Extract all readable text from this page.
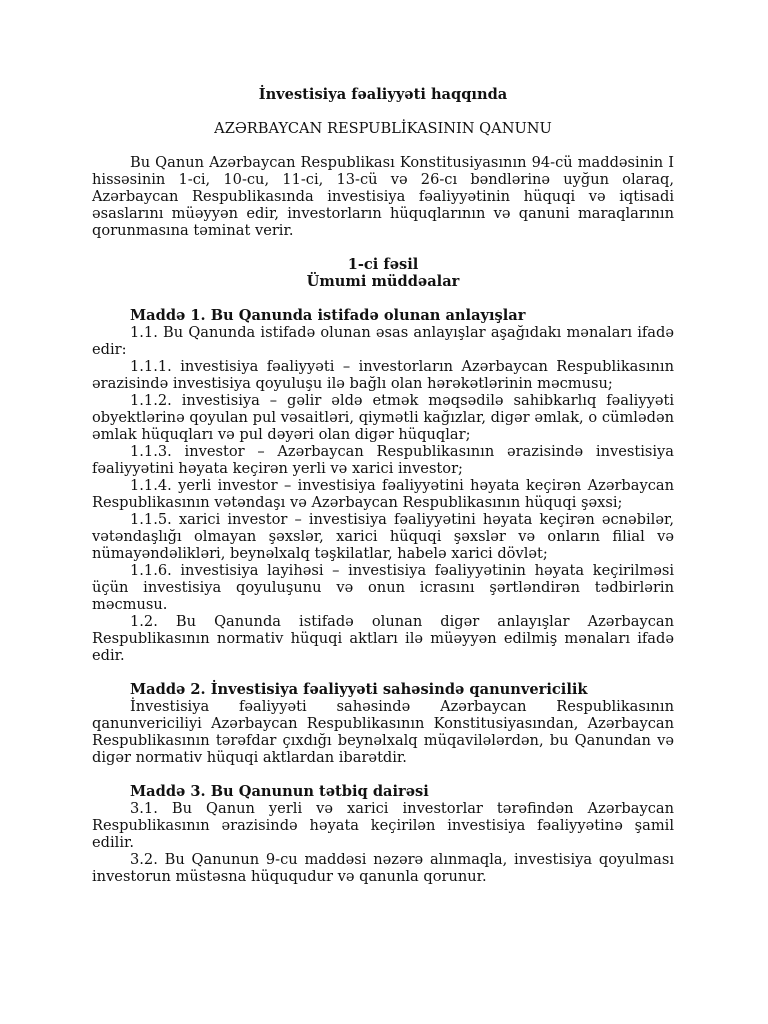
İnvestisiya fəaliyyəti haqqında
AZƏRBAYCAN RESPUBLİKASININ QANUNU

Bu Qanun Azərbaycan Respublikası Konstitusiyasının 94-cü maddəsinin I hissəsinin 1-ci, 10-cu, 11-ci, 13-cü və 26-cı bəndlərinə uyğun olaraq, Azərbaycan Respublikasında investisiya fəaliyyətinin hüquqi və iqtisadi əsaslarını müəyyən edir, investorların hüquqlarının və qanuni maraqlarının qorunmasına təminat verir.

1-ci fəsil

Ümumi müddəalar

Maddə 1. Bu Qanunda istifadə olunan anlayışlar

1.1. Bu Qanunda istifadə olunan əsas anlayışlar aşağıdakı mənaları ifadə edir:

1.1.1. investisiya fəaliyyəti – investorların Azərbaycan Respublikasının ərazisində investisiya qoyuluşu ilə bağlı olan hərəkətlərinin məcmusu;

1.1.2. investisiya – gəlir əldə etmək məqsədilə sahibkarlıq fəaliyyəti obyektlərinə qoyulan pul vəsaitləri, qiymətli kağızlar, digər əmlak, o cümlədən əmlak hüquqları və pul dəyəri olan digər hüquqlar;

1.1.3. investor – Azərbaycan Respublikasının ərazisində investisiya fəaliyyətini həyata keçirən yerli və xarici investor;

1.1.4. yerli investor – investisiya fəaliyyətini həyata keçirən Azərbaycan Respublikasının vətəndaşı və Azərbaycan Respublikasının hüquqi şəxsi;

1.1.5. xarici investor – investisiya fəaliyyətini həyata keçirən əcnəbilər, vətəndaşlığı olmayan şəxslər, xarici hüquqi şəxslər və onların filial və nümayəndəlikləri, beynəlxalq təşkilatlar, habelə xarici dövlət;

1.1.6. investisiya layihəsi – investisiya fəaliyyətinin həyata keçirilməsi üçün investisiya qoyuluşunu və onun icrasını şərtləndirən tədbirlərin məcmusu.

1.2. Bu Qanunda istifadə olunan digər anlayışlar Azərbaycan Respublikasının normativ hüquqi aktları ilə müəyyən edilmiş mənaları ifadə edir.

Maddə 2. İnvestisiya fəaliyyəti sahəsində qanunvericilik

İnvestisiya fəaliyyəti sahəsində Azərbaycan Respublikasının qanunvericiliyi Azərbaycan Respublikasının Konstitusiyasından, Azərbaycan Respublikasının tərəfdar çıxdığı beynəlxalq müqavilələrdən, bu Qanundan və digər normativ hüquqi aktlardan ibarətdir.

Maddə 3. Bu Qanunun tətbiq dairəsi

3.1. Bu Qanun yerli və xarici investorlar tərəfindən Azərbaycan Respublikasının ərazisində həyata keçirilən investisiya fəaliyyətinə şamil edilir.

3.2. Bu Qanunun 9-cu maddəsi nəzərə alınmaqla, investisiya qoyulması investorun müstəsna hüququdur və qanunla qorunur.
